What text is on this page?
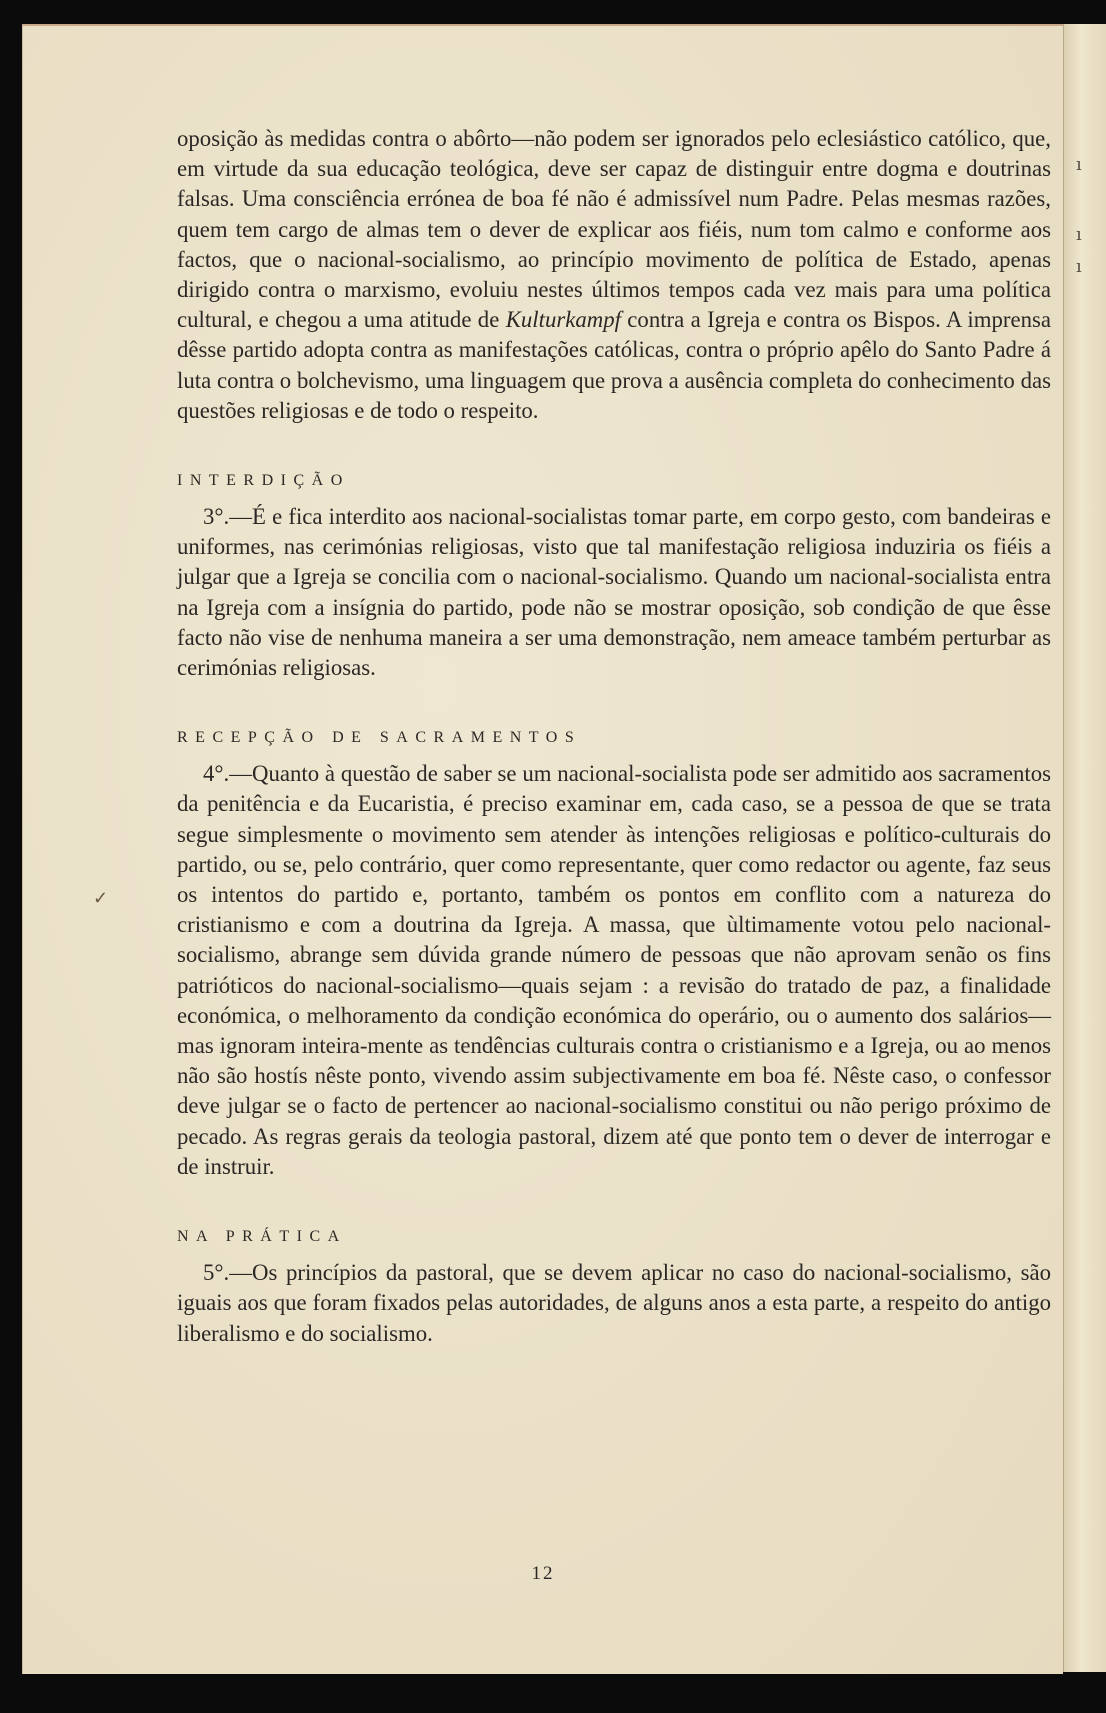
oposição às medidas contra o abôrto—não podem ser ignorados pelo eclesiástico católico, que, em virtude da sua educação teológica, deve ser capaz de distinguir entre dogma e doutrinas falsas. Uma consciência errónea de boa fé não é admissível num Padre. Pelas mesmas razões, quem tem cargo de almas tem o dever de explicar aos fiéis, num tom calmo e conforme aos factos, que o nacional-socialismo, ao princípio movimento de política de Estado, apenas dirigido contra o marxismo, evoluiu nestes últimos tempos cada vez mais para uma política cultural, e chegou a uma atitude de Kulturkampf contra a Igreja e contra os Bispos. A imprensa dêsse partido adopta contra as manifestações católicas, contra o próprio apêlo do Santo Padre á luta contra o bolchevismo, uma linguagem que prova a ausência completa do conhecimento das questões religiosas e de todo o respeito.

INTERDIÇÃO

3°.—É e fica interdito aos nacional-socialistas tomar parte, em corpo gesto, com bandeiras e uniformes, nas cerimónias religiosas, visto que tal manifestação religiosa induziria os fiéis a julgar que a Igreja se concilia com o nacional-socialismo. Quando um nacional-socialista entra na Igreja com a insígnia do partido, pode não se mostrar oposição, sob condição de que êsse facto não vise de nenhuma maneira a ser uma demonstração, nem ameace também perturbar as cerimónias religiosas.

RECEPÇÃO DE SACRAMENTOS

4°.—Quanto à questão de saber se um nacional-socialista pode ser admitido aos sacramentos da penitência e da Eucaristia, é preciso examinar em, cada caso, se a pessoa de que se trata segue simplesmente o movimento sem atender às intenções religiosas e político-culturais do partido, ou se, pelo contrário, quer como representante, quer como redactor ou agente, faz seus os intentos do partido e, portanto, também os pontos em conflito com a natureza do cristianismo e com a doutrina da Igreja. A massa, que ùltimamente votou pelo nacional-socialismo, abrange sem dúvida grande número de pessoas que não aprovam senão os fins patrióticos do nacional-socialismo—quais sejam : a revisão do tratado de paz, a finalidade económica, o melhoramento da condição económica do operário, ou o aumento dos salários—mas ignoram inteira-mente as tendências culturais contra o cristianismo e a Igreja, ou ao menos não são hostís nêste ponto, vivendo assim subjectivamente em boa fé. Nêste caso, o confessor deve julgar se o facto de pertencer ao nacional-socialismo constitui ou não perigo próximo de pecado. As regras gerais da teologia pastoral, dizem até que ponto tem o dever de interrogar e de instruir.

NA PRÁTICA

5°.—Os princípios da pastoral, que se devem aplicar no caso do nacional-socialismo, são iguais aos que foram fixados pelas autoridades, de alguns anos a esta parte, a respeito do antigo liberalismo e do socialismo.

12
✓
ı
ı
ı
